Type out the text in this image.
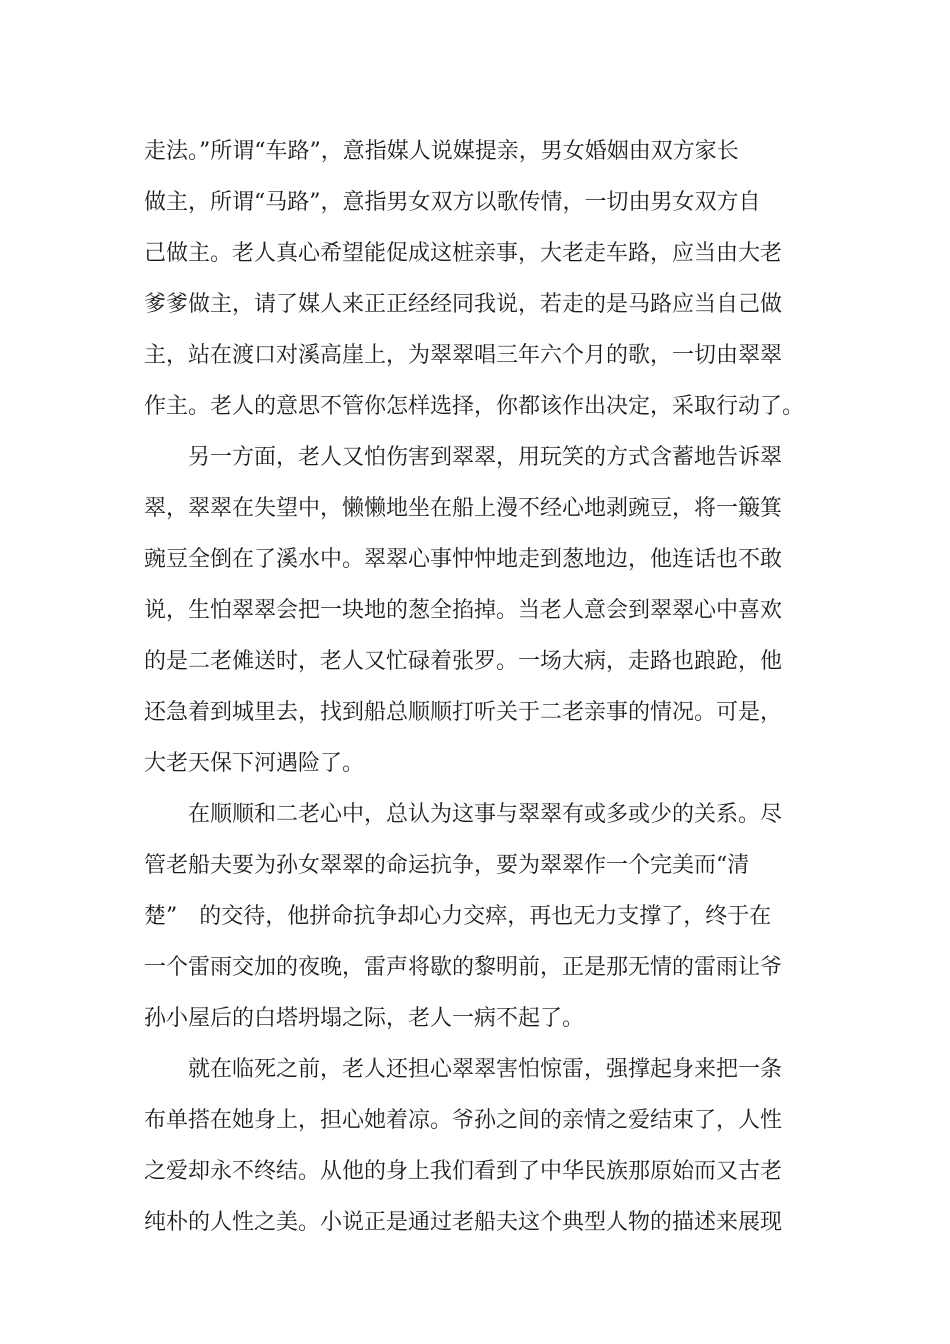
走法。”所谓“车路”，意指媒人说媒提亲，男女婚姻由双方家长
做主，所谓“马路”，意指男女双方以歌传情，一切由男女双方自
己做主。老人真心希望能促成这桩亲事，大老走车路，应当由大老
爹爹做主，请了媒人来正正经经同我说，若走的是马路应当自己做
主，站在渡口对溪高崖上，为翠翠唱三年六个月的歌，一切由翠翠
作主。老人的意思不管你怎样选择，你都该作出决定，采取行动了。
另一方面，老人又怕伤害到翠翠，用玩笑的方式含蓄地告诉翠
翠，翠翠在失望中，懒懒地坐在船上漫不经心地剥豌豆，将一簸箕
豌豆全倒在了溪水中。翠翠心事忡忡地走到葱地边，他连话也不敢
说，生怕翠翠会把一块地的葱全掐掉。当老人意会到翠翠心中喜欢
的是二老傩送时，老人又忙碌着张罗。一场大病，走路也踉跄，他
还急着到城里去，找到船总顺顺打听关于二老亲事的情况。可是，
大老天保下河遇险了。
在顺顺和二老心中，总认为这事与翠翠有或多或少的关系。尽
管老船夫要为孙女翠翠的命运抗争，要为翠翠作一个完美而“清
楚”　的交待，他拼命抗争却心力交瘁，再也无力支撑了，终于在
一个雷雨交加的夜晚，雷声将歇的黎明前，正是那无情的雷雨让爷
孙小屋后的白塔坍塌之际，老人一病不起了。
就在临死之前，老人还担心翠翠害怕惊雷，强撑起身来把一条
布单搭在她身上，担心她着凉。爷孙之间的亲情之爱结束了，人性
之爱却永不终结。从他的身上我们看到了中华民族那原始而又古老
纯朴的人性之美。小说正是通过老船夫这个典型人物的描述来展现
